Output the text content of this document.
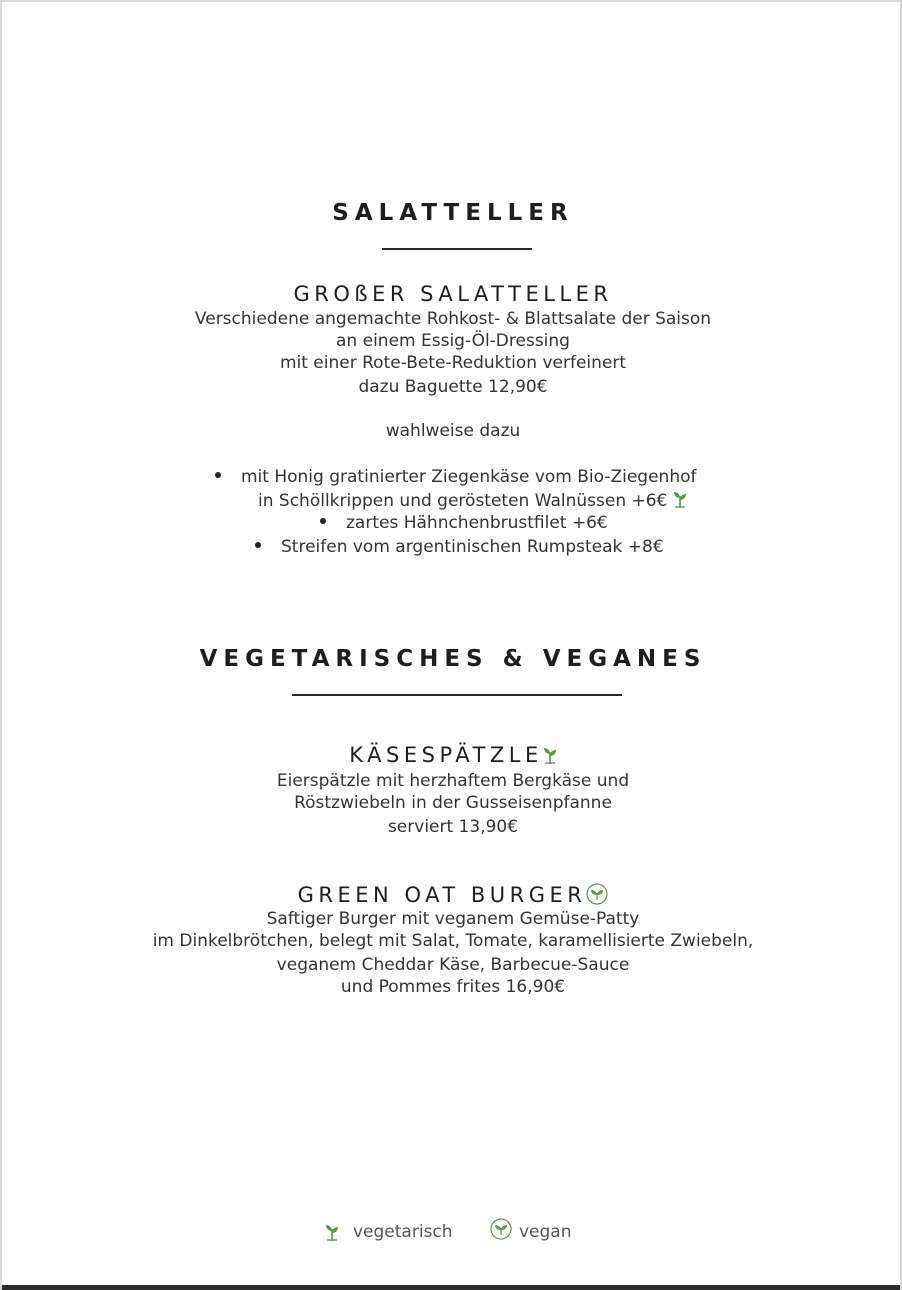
SALATTELLER
GROßER SALATTELLER
Verschiedene angemachte Rohkost- & Blattsalate der Saison
an einem Essig-Öl-Dressing
mit einer Rote-Bete-Reduktion verfeinert
dazu Baguette 12,90€
wahlweise dazu
mit Honig gratinierter Ziegenkäse vom Bio-Ziegenhof
in Schöllkrippen und gerösteten Walnüssen +6€
zartes Hähnchenbrustfilet +6€
Streifen vom argentinischen Rumpsteak +8€
VEGETARISCHES & VEGANES
KÄSESPÄTZLE
Eierspätzle mit herzhaftem Bergkäse und
Röstzwiebeln in der Gusseisenpfanne
serviert 13,90€
GREEN OAT BURGER
Saftiger Burger mit veganem Gemüse-Patty
im Dinkelbrötchen, belegt mit Salat, Tomate, karamellisierte Zwiebeln,
veganem Cheddar Käse, Barbecue-Sauce
und Pommes frites 16,90€
vegetarisch	vegan
